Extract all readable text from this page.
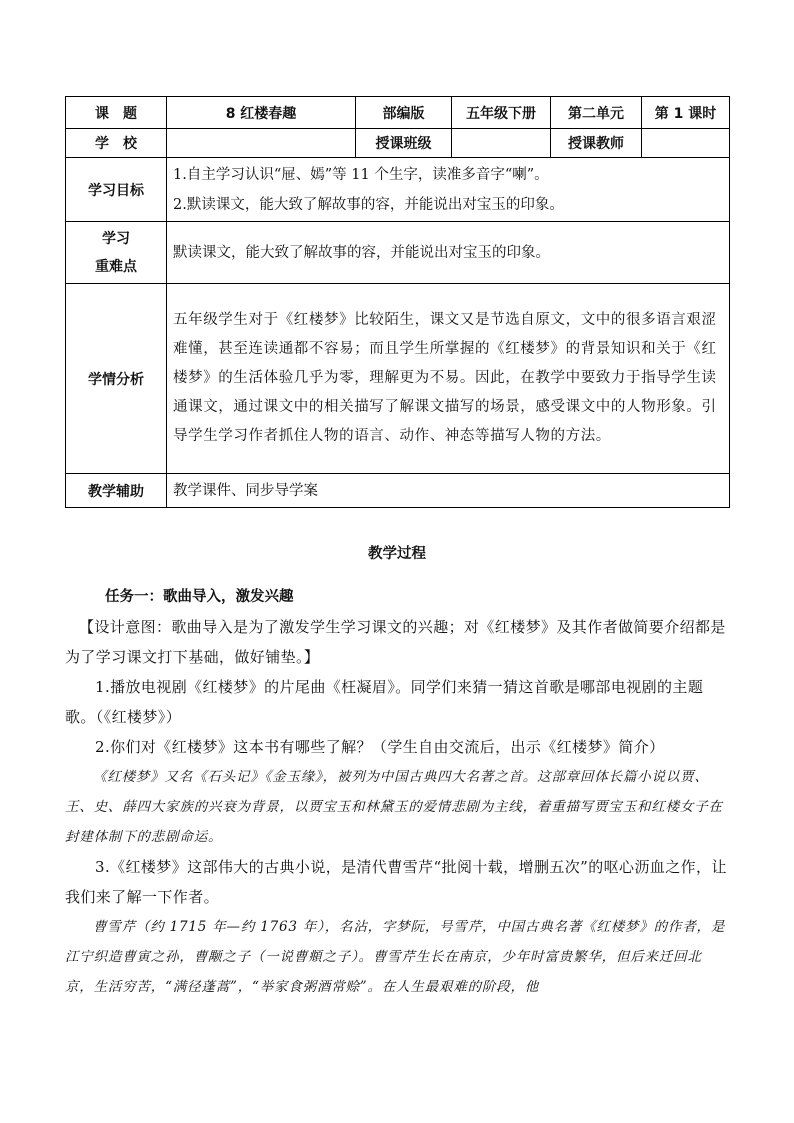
课　题	8 红楼春趣	部编版	五年级下册	第二单元	第 1 课时
学　校		授课班级		授课教师	
学习目标	1.自主学习认识“屉、嫣”等 11 个生字，读准多音字“喇”。
2.默读课文，能大致了解故事的容，并能说出对宝玉的印象。				

学习
重难点	默读课文，能大致了解故事的容，并能说出对宝玉的印象。				
学情分析	五年级学生对于《红楼梦》比较陌生，课文又是节选自原文，文中的很多语言艰涩难懂，甚至连读通都不容易；而且学生所掌握的《红楼梦》的背景知识和关于《红楼梦》的生活体验几乎为零，理解更为不易。因此，在教学中要致力于指导学生读通课文，通过课文中的相关描写了解课文描写的场景，感受课文中的人物形象。引导学生学习作者抓住人物的语言、动作、神态等描写人物的方法。				
教学辅助	教学课件、同步导学案				
教学过程
任务一：歌曲导入，激发兴趣
【设计意图：歌曲导入是为了激发学生学习课文的兴趣；对《红楼梦》及其作者做简要介绍都是为了学习课文打下基础，做好铺垫。】
1.播放电视剧《红楼梦》的片尾曲《枉凝眉》。同学们来猜一猜这首歌是哪部电视剧的主题歌。（《红楼梦》）
2.你们对《红楼梦》这本书有哪些了解？（学生自由交流后，出示《红楼梦》简介）
《红楼梦》又名《石头记》《金玉缘》，被列为中国古典四大名著之首。这部章回体长篇小说以贾、王、史、薛四大家族的兴衰为背景，以贾宝玉和林黛玉的爱情悲剧为主线，着重描写贾宝玉和红楼女子在封建体制下的悲剧命运。
3.《红楼梦》这部伟大的古典小说，是清代曹雪芹“批阅十载，增删五次”的呕心沥血之作，让我们来了解一下作者。
曹雪芹（约 1715 年—约 1763 年），名沾，字梦阮，号雪芹，中国古典名著《红楼梦》的作者，是江宁织造曹寅之孙，曹颙之子（一说曹頫之子）。曹雪芹生长在南京，少年时富贵繁华，但后来迁回北京，生活穷苦，“满径蓬蒿”，“举家食粥酒常赊”。在人生最艰难的阶段，他
